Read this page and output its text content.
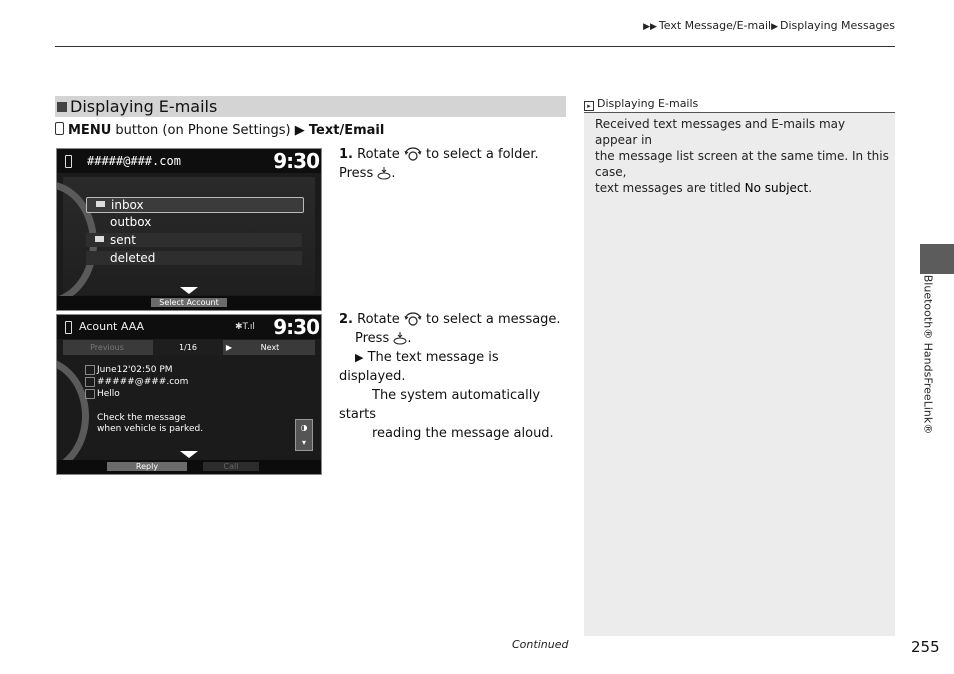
▶▶ Text Message/E-mail▶ Displaying Messages
Displaying E-mails
MENU button (on Phone Settings) ▶ Text/Email
#####@###.com	9:30
inbox
outbox
sent
deleted
Select Account
Acount AAA	✱T.ıl 9:30
Previous	1/16	▶	Next
June12'02:50 PM
#####@###.com
Hello
Check the message
when vehicle is parked.	◑
▾
Reply	Call
1. Rotate to select a folder. Press .
2. Rotate to select a message.
Press .
▶ The text message is displayed.
The system automatically starts
reading the message aloud.
▸ Displaying E-mails
Received text messages and E-mails may appear in
the message list screen at the same time. In this case,
text messages are titled No subject.
Bluetooth® HandsFreeLink®
Continued	255
